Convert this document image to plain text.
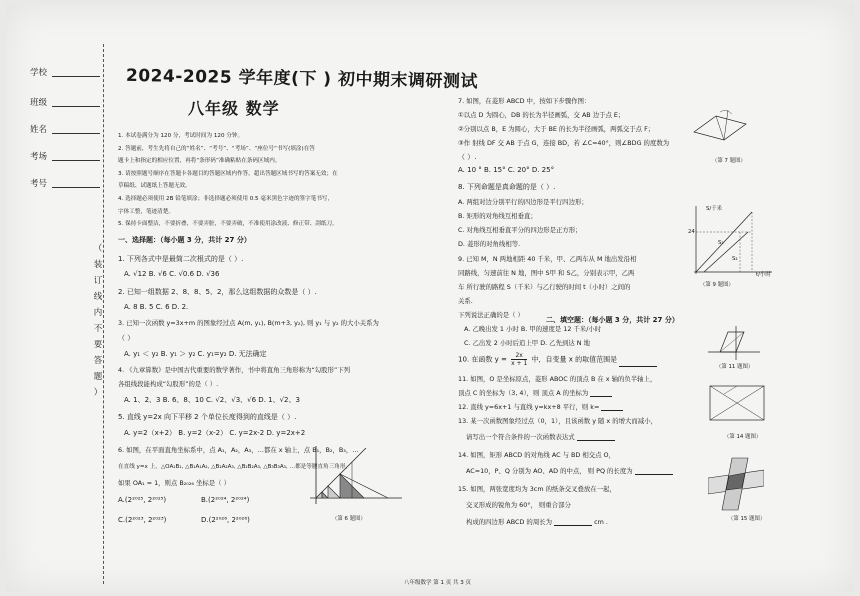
学校
班级
姓名
考场
考号
（
装
订
线
内
不
要
答
题
）
2024-2025 学年度(下 ) 初中期末调研测试
八年级 数学
1. 本试卷满分为 120 分，考试时间为 120 分钟。
2. 答题前，考生先将自己的“姓名”、“考号”、“考场”、“座位号”书写(填涂)在答
题卡上和指定的相应位置，再将“条形码”准确粘贴在条码区域内。
3. 请按照题号顺序在答题卡各题目的答题区域内作答，超出答题区域书写的答案无效；在
草稿纸、试题纸上答题无效。
4. 选择题必须使用 2B 铅笔填涂；非选择题必须使用 0.5 毫米黑色字迹的签字笔书写，
字体工整，笔迹清楚。
5. 保持卡面整洁，不要折叠，不要弄脏，不要弄破，不准使用涂改液、修正带、刮纸刀。
一、选择题：（每小题 3 分，共计 27 分）
1. 下列各式中是最简二次根式的是（ ）.
A. √12 B. √6 C. √0.6 D. √36
2. 已知一组数据 2、8、8、5、2，那么这组数据的众数是（ ）.
A. 8 B. 5 C. 6 D. 2.
3. 已知一次函数 y=3x+m 的图象经过点 A(m, y₁), B(m+3, y₂), 则 y₁ 与 y₂ 的大小关系为
（ ）
A. y₁ ＜ y₂ B. y₁ ＞ y₂ C. y₁=y₂ D. 无法确定
4. 《九章算数》是中国古代重要的数学著作，书中将直角三角形称为“勾股形”下列
各组线段能构成“勾股形”的是（ ）.
A. 1、2、3 B. 6、8、10 C. √2、√3、√6 D. 1、√2、3
5. 直线 y=2x 向下平移 2 个单位长度得到的直线是（ ）.
A. y=2（x+2） B. y=2（x-2） C. y=2x-2 D. y=2x+2
6. 如图，在平面直角坐标系中，点 A₁，A₂，A₃，…都在 x 轴上，点 B₁，B₂，B₃，…
在直线 y=x 上，△OA₁B₁, △B₁A₁A₂, △B₂A₂A₃, △B₂B₂A₃, △B₃B₃A₃, …都是等腰直角三角形，
如果 OA₁ = 1，则点 B₂₀₂₆ 坐标是（ ）
A.(2²⁰²⁵, 2²⁰²⁵)	B.(2²⁰²⁴, 2²⁰²⁴)
C.(2²⁰²³, 2²⁰²³)	D.(2²⁰²⁶, 2²⁰²⁶)	（第 6 题图）
7. 如图，在菱形 ABCD 中，按如下步骤作图：
①以点 D 为圆心，DB 的长为半径画弧，交 AB 边于点 E；
②分别以点 B，E 为圆心，大于 BE 的长为半径画弧，两弧交于点 F；
③作 射线 DF 交 AB 于点 G，连接 BD，若 ∠C=40°，则∠BDG 的度数为
（ ）.
A. 10 ° B. 15° C. 20° D. 25°
（第 7 题图）
8. 下列命题是真命题的是（ ）.
A. 两组对边分别平行的四边形是平行四边形；
B. 矩形的对角线互相垂直；
C. 对角线互相垂直平分的四边形是正方形；
D. 菱形的对角线相等.
9. 已知 M，N 两地相距 40 千米，甲、乙两车从 M 地出发沿相
同路线，匀速前往 N 地，图中 S甲 和 S乙，分别表示甲，乙两
车 所行驶的路程 S（千米）与乙行驶的时间 t（小时）之间的
关系.
下列说法正确的是（ ）
A. 乙晚出发 1 小时 B. 甲的速度是 12 千米/小时
C. 乙出发 2 小时后追上甲 D. 乙先到达 N 地
S/千米
t/小时
24
S₁
S₂
（第 9 题图）
二、填空题：（每小题 3 分，共计 27 分）
10. 在函数 $y = \frac{2x}{x + 1}$ 中，自变量 x 的取值范围是
11. 如图，O 是坐标原点，菱形 ABOC 的顶点 B 在 x 轴的负半轴上，
顶点 C 的坐标为（3, 4），则 顶点 A 的坐标为
（第 11 题图）
12. 直线 y=6x+1 与直线 y=kx+8 平行，则 k=
13. 某一次函数图象经过点（0，1），且该函数 y 随 x 的增大而减小，
请写出一个符合条件的一次函数表达式
14. 如图，矩形 ABCD 的对角线 AC 与 BD 相交点 O，
AC=10，P、Q 分别为 AO、AD 的中点， 则 PQ 的长度为
（第 14 题图）
15. 如图，两张宽度均为 3cm 的纸条交叉叠放在一起，
交叉形成的锐角为 60°， 则重合部分
构成的四边形 ABCD 的周长为	cm .	（第 15 题图）
八年级数学 第 1 页 共 3 页
